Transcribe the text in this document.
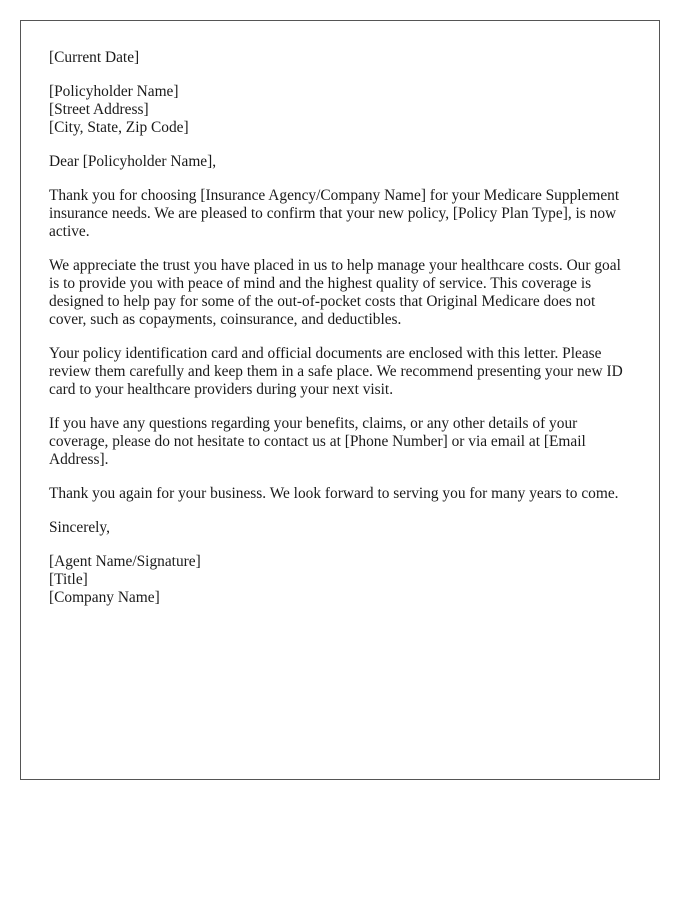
[Current Date]

[Policyholder Name]
[Street Address]
[City, State, Zip Code]

Dear [Policyholder Name],

Thank you for choosing [Insurance Agency/Company Name] for your Medicare Supplement insurance needs. We are pleased to confirm that your new policy, [Policy Plan Type], is now active.

We appreciate the trust you have placed in us to help manage your healthcare costs. Our goal is to provide you with peace of mind and the highest quality of service. This coverage is designed to help pay for some of the out-of-pocket costs that Original Medicare does not cover, such as copayments, coinsurance, and deductibles.

Your policy identification card and official documents are enclosed with this letter. Please review them carefully and keep them in a safe place. We recommend presenting your new ID card to your healthcare providers during your next visit.

If you have any questions regarding your benefits, claims, or any other details of your coverage, please do not hesitate to contact us at [Phone Number] or via email at [Email Address].

Thank you again for your business. We look forward to serving you for many years to come.

Sincerely,

[Agent Name/Signature]
[Title]
[Company Name]
